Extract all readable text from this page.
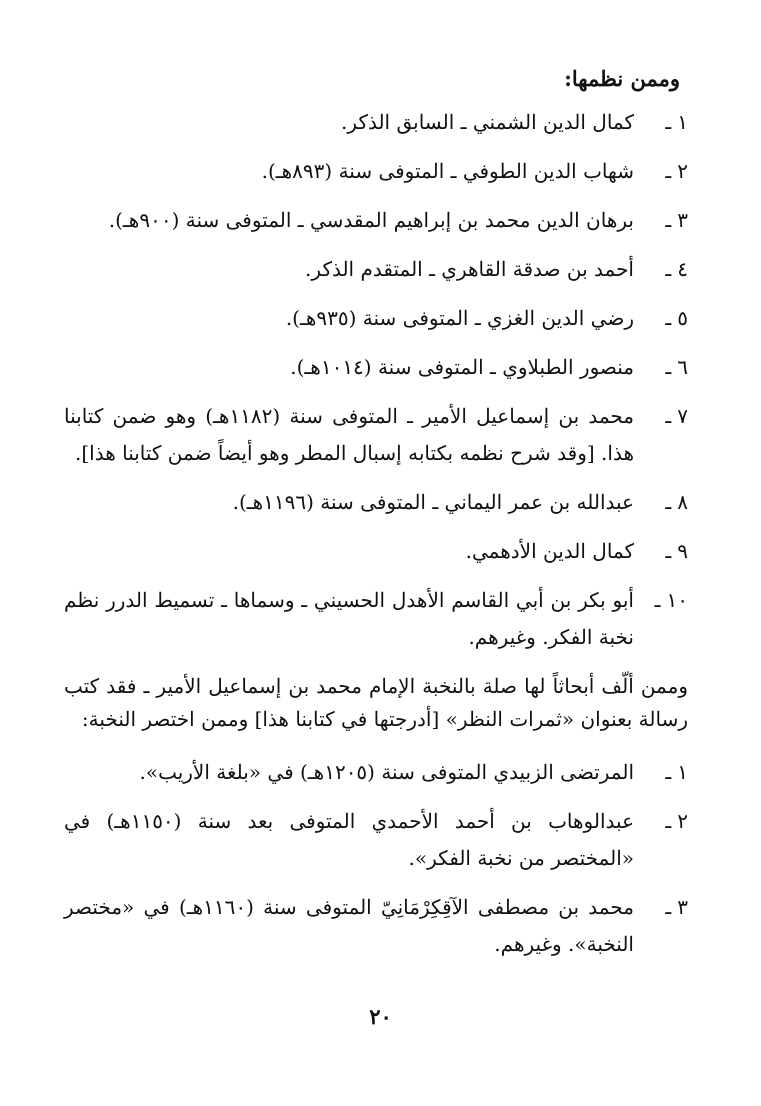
وممن نظمها:
١ـ
كمال الدين الشمني ـ السابق الذكر.
٢ـ
شهاب الدين الطوفي ـ المتوفى سنة (٨٩٣هـ).
٣ـ
برهان الدين محمد بن إبراهيم المقدسي ـ المتوفى سنة (٩٠٠هـ).
٤ـ
أحمد بن صدقة القاهري ـ المتقدم الذكر.
٥ـ
رضي الدين الغزي ـ المتوفى سنة (٩٣٥هـ).
٦ـ
منصور الطبلاوي ـ المتوفى سنة (١٠١٤هـ).
٧ـ
محمد بن إسماعيل الأمير ـ المتوفى سنة (١١٨٢هـ) وهو ضمن كتابنا هذا. [وقد شرح نظمه بكتابه إسبال المطر وهو أيضاً ضمن كتابنا هذا].
٨ـ
عبدالله بن عمر اليماني ـ المتوفى سنة (١١٩٦هـ).
٩ـ
كمال الدين الأدهمي.
١٠ـ
أبو بكر بن أبي القاسم الأهدل الحسيني ـ وسماها ـ تسميط الدرر نظم نخبة الفكر. وغيرهم.

وممن ألّف أبحاثاً لها صلة بالنخبة الإمام محمد بن إسماعيل الأمير ـ فقد كتب رسالة بعنوان «ثمرات النظر» [أدرجتها في كتابنا هذا] وممن اختصر النخبة:

١ـ
المرتضى الزبيدي المتوفى سنة (١٢٠٥هـ) في «بلغة الأريب».
٢ـ
عبدالوهاب بن أحمد الأحمدي المتوفى بعد سنة (١١٥٠هـ) في «المختصر من نخبة الفكر».
٣ـ
محمد بن مصطفى الآقِكِرْمَانِيّ المتوفى سنة (١١٦٠هـ) في «مختصر النخبة». وغيرهم.
٢٠
